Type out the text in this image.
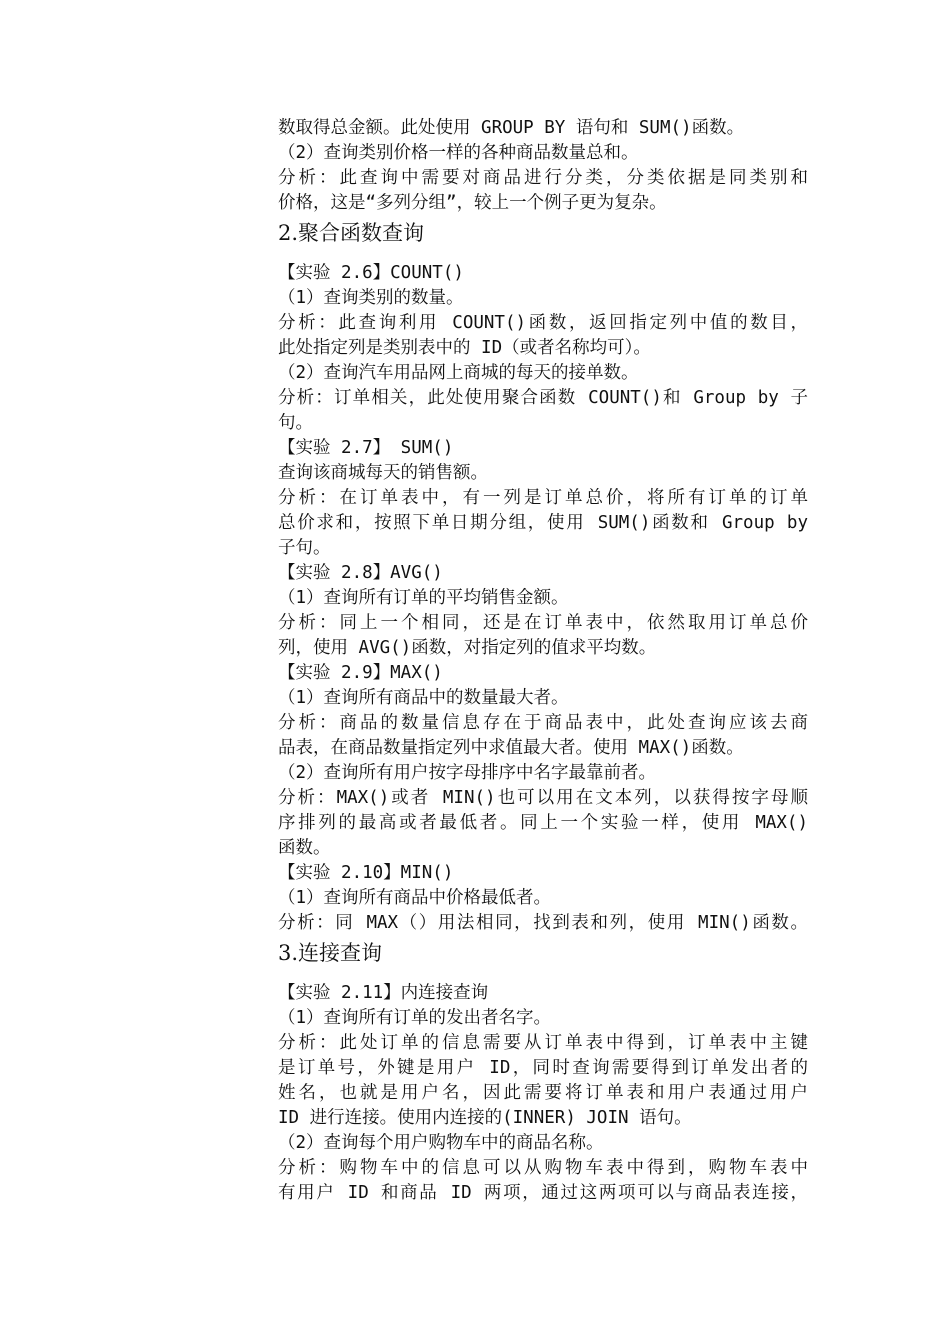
数取得总金额。此处使用 GROUP BY 语句和 SUM()函数。
（2）查询类别价格一样的各种商品数量总和。
分析：此查询中需要对商品进行分类，分类依据是同类别和
价格，这是“多列分组”，较上一个例子更为复杂。
2.聚合函数查询
【实验 2.6】COUNT()
（1）查询类别的数量。
分析：此查询利用 COUNT()函数，返回指定列中值的数目，
此处指定列是类别表中的 ID（或者名称均可）。
（2）查询汽车用品网上商城的每天的接单数。
分析：订单相关，此处使用聚合函数 COUNT()和 Group by 子
句。
【实验 2.7】 SUM()
查询该商城每天的销售额。
分析：在订单表中，有一列是订单总价，将所有订单的订单
总价求和，按照下单日期分组，使用 SUM()函数和 Group by
子句。
【实验 2.8】AVG()
（1）查询所有订单的平均销售金额。
分析：同上一个相同，还是在订单表中，依然取用订单总价
列，使用 AVG()函数，对指定列的值求平均数。
【实验 2.9】MAX()
（1）查询所有商品中的数量最大者。
分析：商品的数量信息存在于商品表中，此处查询应该去商
品表，在商品数量指定列中求值最大者。使用 MAX()函数。
（2）查询所有用户按字母排序中名字最靠前者。
分析：MAX()或者 MIN()也可以用在文本列，以获得按字母顺
序排列的最高或者最低者。同上一个实验一样，使用 MAX()
函数。
【实验 2.10】MIN()
（1）查询所有商品中价格最低者。
分析：同 MAX（）用法相同，找到表和列，使用 MIN()函数。
3.连接查询
【实验 2.11】内连接查询
（1）查询所有订单的发出者名字。
分析：此处订单的信息需要从订单表中得到，订单表中主键
是订单号，外键是用户 ID，同时查询需要得到订单发出者的
姓名，也就是用户名，因此需要将订单表和用户表通过用户
ID 进行连接。使用内连接的(INNER) JOIN 语句。
（2）查询每个用户购物车中的商品名称。
分析：购物车中的信息可以从购物车表中得到，购物车表中
有用户 ID 和商品 ID 两项，通过这两项可以与商品表连接，
